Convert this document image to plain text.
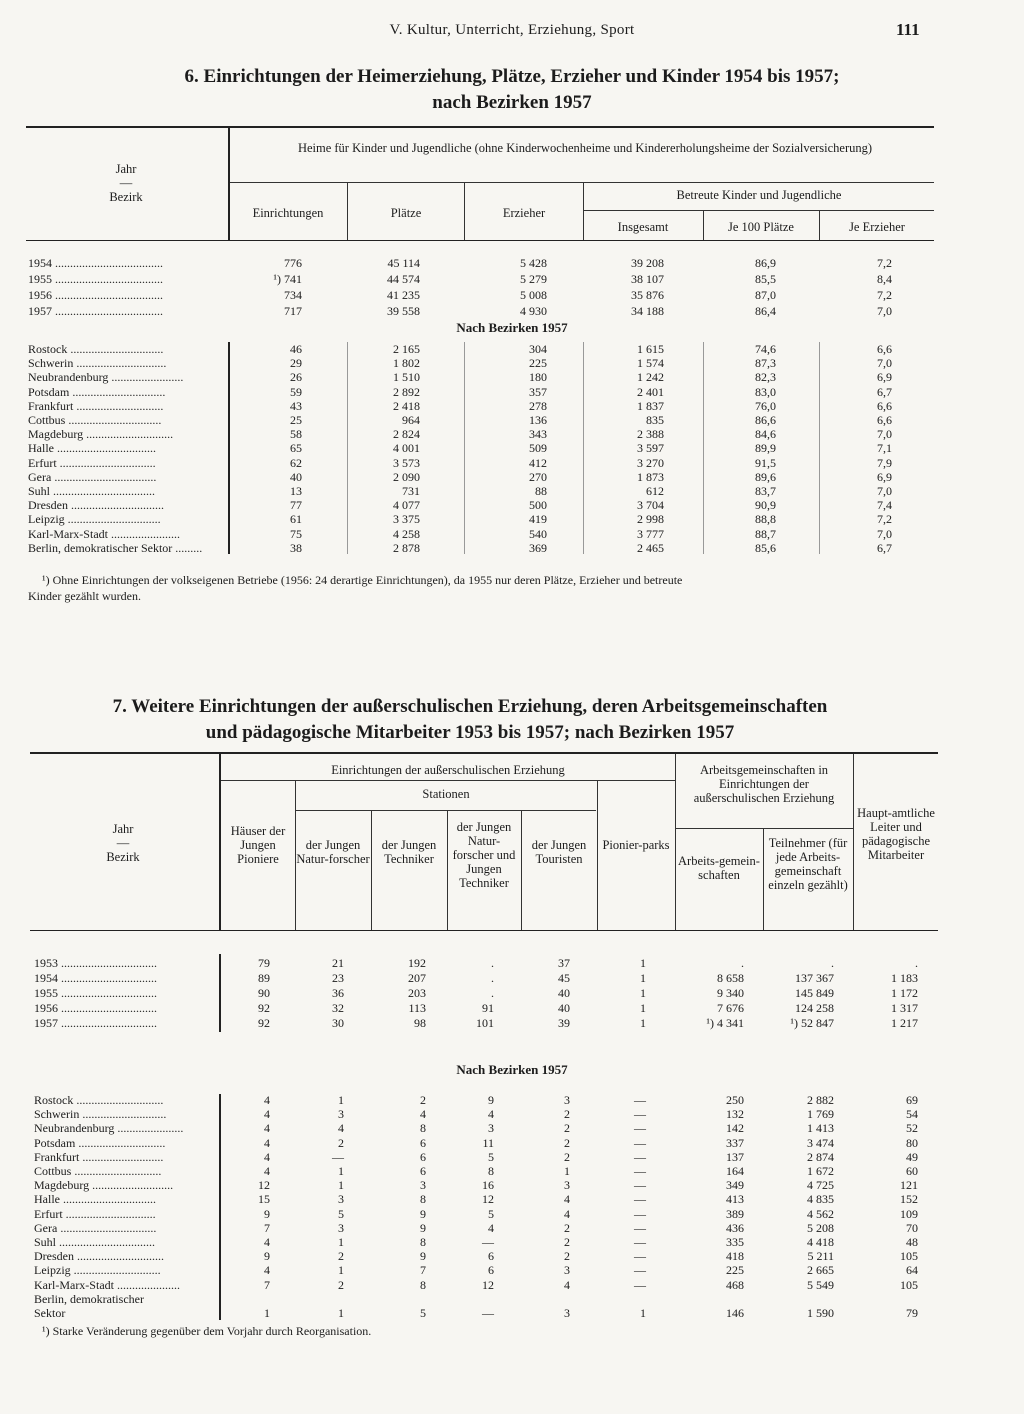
V. Kultur, Unterricht, Erziehung, Sport	111
6. Einrichtungen der Heimerziehung, Plätze, Erzieher und Kinder 1954 bis 1957;
nach Bezirken 1957
Jahr
—
Bezirk
Heime für Kinder und Jugendliche (ohne Kinderwochenheime und Kindererholungsheime der Sozialversicherung)
Einrichtungen	Plätze	Erzieher
Betreute Kinder und Jugendliche
Insgesamt	Je 100 Plätze	Je Erzieher
1954 ....................................	776	45 114	5 428	39 208	86,9	7,2
1955 ....................................	¹) 741	44 574	5 279	38 107	85,5	8,4
1956 ....................................	734	41 235	5 008	35 876	87,0	7,2
1957 ....................................	717	39 558	4 930	34 188	86,4	7,0
Nach Bezirken 1957
Rostock ...............................	46	2 165	304	1 615	74,6	6,6
Schwerin ..............................	29	1 802	225	1 574	87,3	7,0
Neubrandenburg ........................	26	1 510	180	1 242	82,3	6,9
Potsdam ...............................	59	2 892	357	2 401	83,0	6,7
Frankfurt .............................	43	2 418	278	1 837	76,0	6,6
Cottbus ...............................	25	964	136	835	86,6	6,6
Magdeburg .............................	58	2 824	343	2 388	84,6	7,0
Halle .................................	65	4 001	509	3 597	89,9	7,1
Erfurt ................................	62	3 573	412	3 270	91,5	7,9
Gera ..................................	40	2 090	270	1 873	89,6	6,9
Suhl ..................................	13	731	88	612	83,7	7,0
Dresden ...............................	77	4 077	500	3 704	90,9	7,4
Leipzig ...............................	61	3 375	419	2 998	88,8	7,2
Karl-Marx-Stadt .......................	75	4 258	540	3 777	88,7	7,0
Berlin, demokratischer Sektor .........	38	2 878	369	2 465	85,6	6,7
¹) Ohne Einrichtungen der volkseigenen Betriebe (1956: 24 derartige Einrichtungen), da 1955 nur deren Plätze, Erzieher und betreute
Kinder gezählt wurden.
7. Weitere Einrichtungen der außerschulischen Erziehung, deren Arbeitsgemeinschaften
und pädagogische Mitarbeiter 1953 bis 1957; nach Bezirken 1957
Jahr
—
Bezirk
Einrichtungen der außerschulischen Erziehung
Häuser der Jungen Pioniere
Stationen
der Jungen Natur-forscher
der Jungen Techniker
der Jungen Natur-forscher und Jungen Techniker
der Jungen Touristen
Pionier-parks
Arbeitsgemeinschaften in Einrichtungen der außerschulischen Erziehung
Arbeits-gemein-schaften
Teilnehmer (für jede Arbeits-gemeinschaft einzeln gezählt)
Haupt-amtliche Leiter und pädagogische Mitarbeiter
1953 ................................	79	21	192	.	37	1	.	.	.
1954 ................................	89	23	207	.	45	1	8 658	137 367	1 183
1955 ................................	90	36	203	.	40	1	9 340	145 849	1 172
1956 ................................	92	32	113	91	40	1	7 676	124 258	1 317
1957 ................................	92	30	98	101	39	1	¹) 4 341	¹) 52 847	1 217
Nach Bezirken 1957
Rostock .............................	4	1	2	9	3	—	250	2 882	69
Schwerin ............................	4	3	4	4	2	—	132	1 769	54
Neubrandenburg ......................	4	4	8	3	2	—	142	1 413	52
Potsdam .............................	4	2	6	11	2	—	337	3 474	80
Frankfurt ...........................	4	—	6	5	2	—	137	2 874	49
Cottbus .............................	4	1	6	8	1	—	164	1 672	60
Magdeburg ...........................	12	1	3	16	3	—	349	4 725	121
Halle ...............................	15	3	8	12	4	—	413	4 835	152
Erfurt ..............................	9	5	9	5	4	—	389	4 562	109
Gera ................................	7	3	9	4	2	—	436	5 208	70
Suhl ................................	4	1	8	—	2	—	335	4 418	48
Dresden .............................	9	2	9	6	2	—	418	5 211	105
Leipzig .............................	4	1	7	6	3	—	225	2 665	64
Karl-Marx-Stadt .....................	7	2	8	12	4	—	468	5 549	105
Berlin, demokratischer
Sektor	1	1	5	—	3	1	146	1 590	79
¹) Starke Veränderung gegenüber dem Vorjahr durch Reorganisation.
